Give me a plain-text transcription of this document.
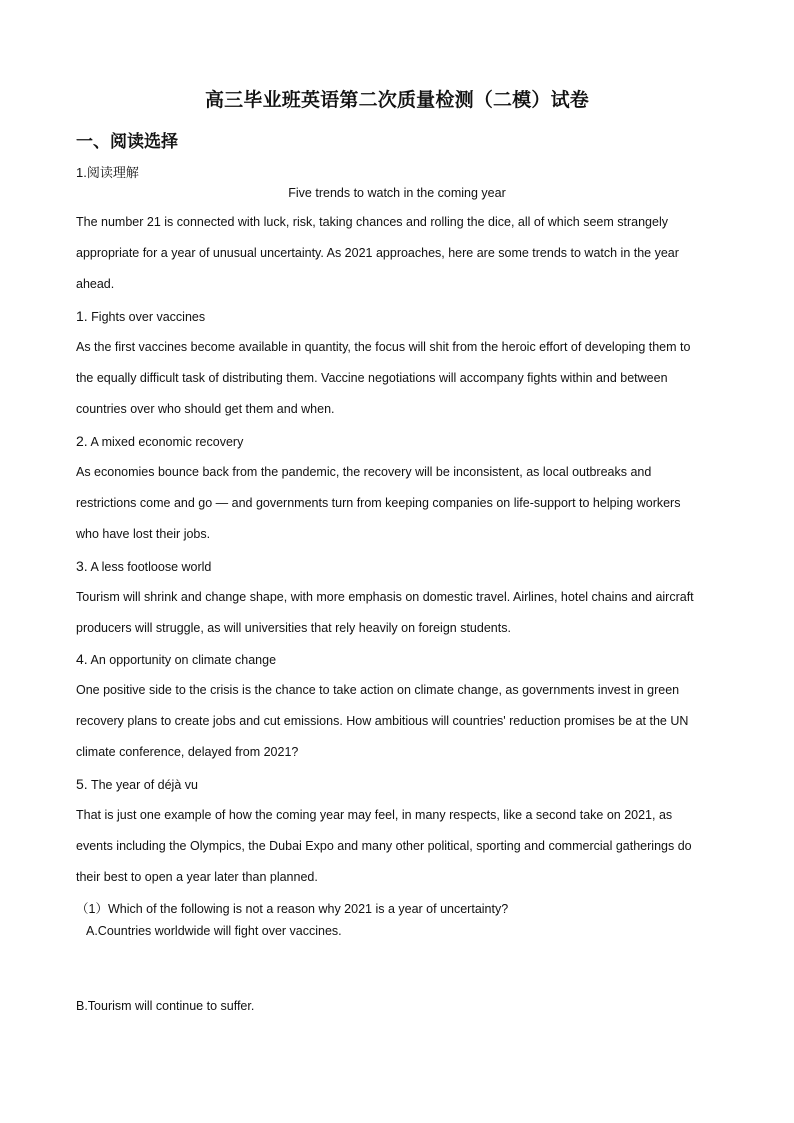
高三毕业班英语第二次质量检测（二模）试卷
一、阅读选择
1.阅读理解
Five trends to watch in the coming year
The number 21 is connected with luck, risk, taking chances and rolling the dice, all of which seem strangely
appropriate for a year of unusual uncertainty. As 2021 approaches, here are some trends to watch in the year
ahead.
1. Fights over vaccines
As the first vaccines become available in quantity, the focus will shit from the heroic effort of developing them to
the equally difficult task of distributing them. Vaccine negotiations will accompany fights within and between
countries over who should get them and when.
2. A mixed economic recovery
As economies bounce back from the pandemic, the recovery will be inconsistent, as local outbreaks and
restrictions come and go — and governments turn from keeping companies on life-support to helping workers
who have lost their jobs.
3. A less footloose world
Tourism will shrink and change shape, with more emphasis on domestic travel. Airlines, hotel chains and aircraft
producers will struggle, as will universities that rely heavily on foreign students.
4. An opportunity on climate change
One positive side to the crisis is the chance to take action on climate change, as governments invest in green
recovery plans to create jobs and cut emissions. How ambitious will countries' reduction promises be at the UN
climate conference, delayed from 2021?
5. The year of déjà vu
That is just one example of how the coming year may feel, in many respects, like a second take on 2021, as
events including the Olympics, the Dubai Expo and many other political, sporting and commercial gatherings do
their best to open a year later than planned.
（1）Which of the following is not a reason why 2021 is a year of uncertainty?
A.Countries worldwide will fight over vaccines.
B.Tourism will continue to suffer.
